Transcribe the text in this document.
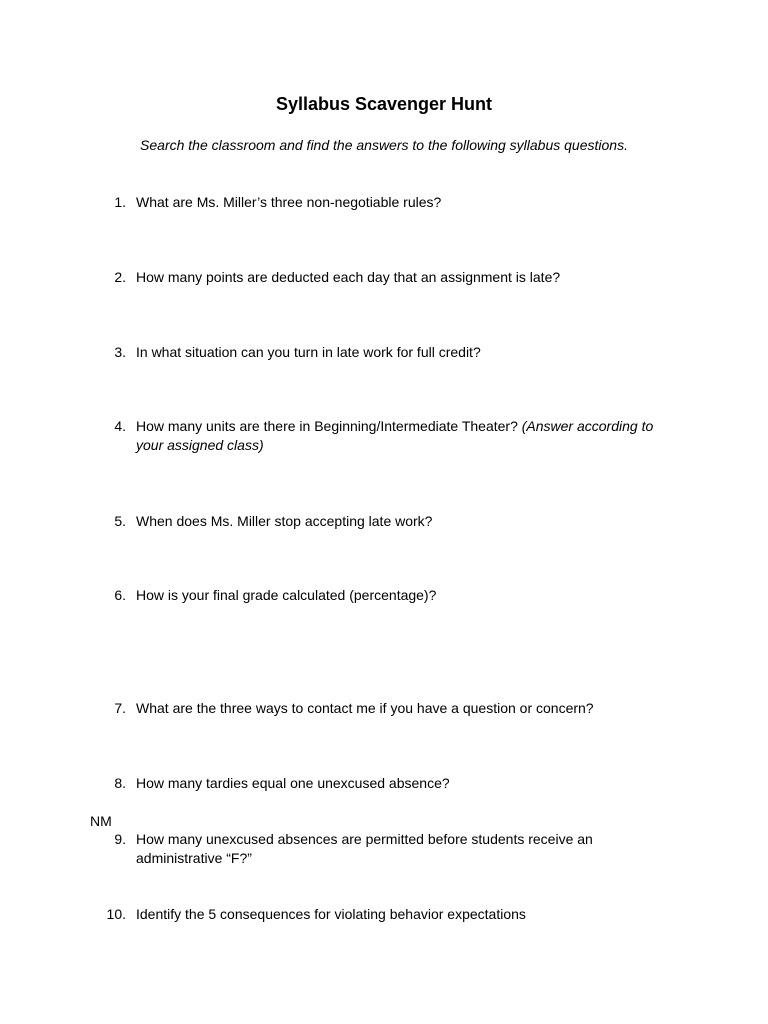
Syllabus Scavenger Hunt
Search the classroom and find the answers to the following syllabus questions.
1. What are Ms. Miller’s three non-negotiable rules?
2. How many points are deducted each day that an assignment is late?
3. In what situation can you turn in late work for full credit?
4. How many units are there in Beginning/Intermediate Theater? (Answer according to your assigned class)
5. When does Ms. Miller stop accepting late work?
6. How is your final grade calculated (percentage)?
7. What are the three ways to contact me if you have a question or concern?
8. How many tardies equal one unexcused absence?
NM
9. How many unexcused absences are permitted before students receive an administrative “F?”
10. Identify the 5 consequences for violating behavior expectations
